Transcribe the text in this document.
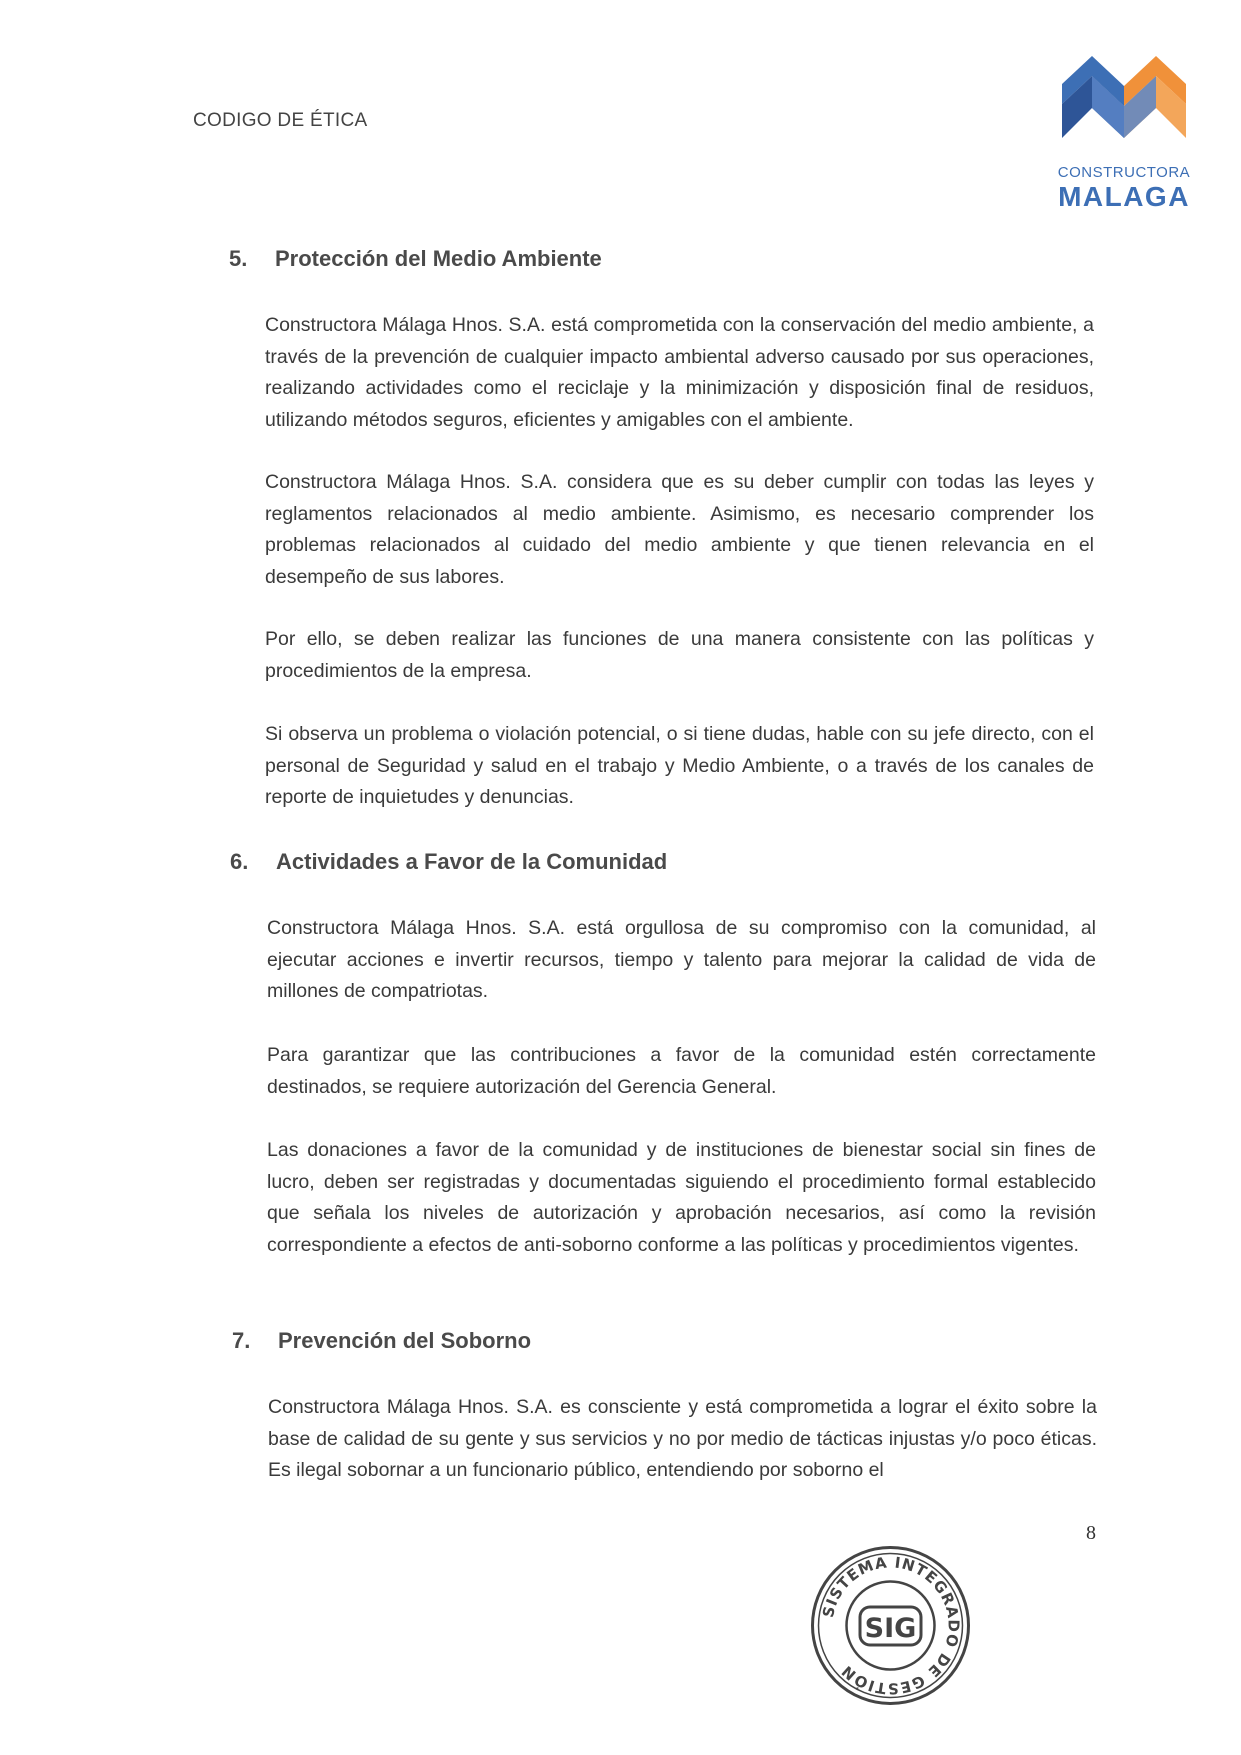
CODIGO DE ÉTICA
CONSTRUCTORA
MALAGA
5. Protección del Medio Ambiente
Constructora Málaga Hnos. S.A. está comprometida con la conservación del medio ambiente, a través de la prevención de cualquier impacto ambiental adverso causado por sus operaciones, realizando actividades como el reciclaje y la minimización y disposición final de residuos, utilizando métodos seguros, eficientes y amigables con el ambiente.
Constructora Málaga Hnos. S.A. considera que es su deber cumplir con todas las leyes y reglamentos relacionados al medio ambiente. Asimismo, es necesario comprender los problemas relacionados al cuidado del medio ambiente y que tienen relevancia en el desempeño de sus labores.
Por ello, se deben realizar las funciones de una manera consistente con las políticas y procedimientos de la empresa.
Si observa un problema o violación potencial, o si tiene dudas, hable con su jefe directo, con el personal de Seguridad y salud en el trabajo y Medio Ambiente, o a través de los canales de reporte de inquietudes y denuncias.
6. Actividades a Favor de la Comunidad
Constructora Málaga Hnos. S.A. está orgullosa de su compromiso con la comunidad, al ejecutar acciones e invertir recursos, tiempo y talento para mejorar la calidad de vida de millones de compatriotas.
Para garantizar que las contribuciones a favor de la comunidad estén correctamente destinados, se requiere autorización del Gerencia General.
Las donaciones a favor de la comunidad y de instituciones de bienestar social sin fines de lucro, deben ser registradas y documentadas siguiendo el procedimiento formal establecido que señala los niveles de autorización y aprobación necesarios, así como la revisión correspondiente a efectos de anti-soborno conforme a las políticas y procedimientos vigentes.
7. Prevención del Soborno
Constructora Málaga Hnos. S.A. es consciente y está comprometida a lograr el éxito sobre la base de calidad de su gente y sus servicios y no por medio de tácticas injustas y/o poco éticas. Es ilegal sobornar a un funcionario público, entendiendo por soborno el
8
SISTEMA INTEGRADO DE GESTIÓN
SIG
